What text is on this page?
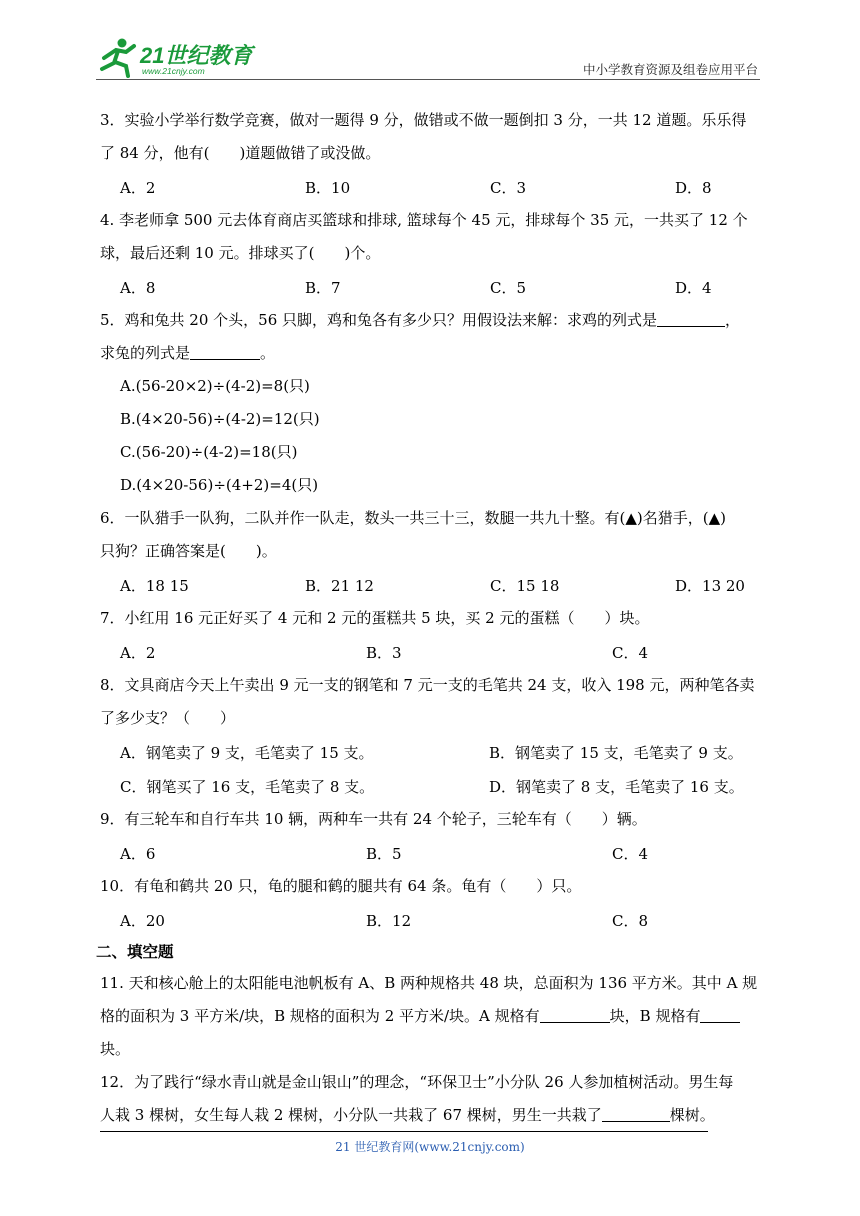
21世纪教育
www.21cnjy.com	中小学教育资源及组卷应用平台
3．实验小学举行数学竞赛，做对一题得 9 分，做错或不做一题倒扣 3 分，一共 12 道题。乐乐得
了 84 分，他有(　　)道题做错了或没做。
A．2	B．10	C．3	D．8
4. 李老师拿 500 元去体育商店买篮球和排球, 篮球每个 45 元，排球每个 35 元，一共买了 12 个
球，最后还剩 10 元。排球买了(　　)个。
A．8	B．7	C．5	D．4
5．鸡和兔共 20 个头，56 只脚，鸡和兔各有多少只？用假设法来解：求鸡的列式是	，
求兔的列式是	。
A.(56-20×2)÷(4-2)=8(只)
B.(4×20-56)÷(4-2)=12(只)
C.(56-20)÷(4-2)=18(只)
D.(4×20-56)÷(4+2)=4(只)
6．一队猎手一队狗，二队并作一队走，数头一共三十三，数腿一共九十整。有(▲)名猎手，(▲)
只狗？正确答案是(　　)。
A．18 15	B．21 12	C．15 18	D．13 20
7．小红用 16 元正好买了 4 元和 2 元的蛋糕共 5 块，买 2 元的蛋糕（　　）块。
A．2	B．3	C．4
8．文具商店今天上午卖出 9 元一支的钢笔和 7 元一支的毛笔共 24 支，收入 198 元，两种笔各卖
了多少支？（　　）
A．钢笔卖了 9 支，毛笔卖了 15 支。	B．钢笔卖了 15 支，毛笔卖了 9 支。
C．钢笔买了 16 支，毛笔卖了 8 支。	D．钢笔卖了 8 支，毛笔卖了 16 支。
9．有三轮车和自行车共 10 辆，两种车一共有 24 个轮子，三轮车有（　　）辆。
A．6	B．5	C．4
10．有龟和鹤共 20 只，龟的腿和鹤的腿共有 64 条。龟有（　　）只。
A．20	B．12	C．8
二、填空题
11. 天和核心舱上的太阳能电池帆板有 A、B 两种规格共 48 块，总面积为 136 平方米。其中 A 规
格的面积为 3 平方米/块，B 规格的面积为 2 平方米/块。A 规格有	块，B 规格有
块。
12．为了践行“绿水青山就是金山银山”的理念，“环保卫士”小分队 26 人参加植树活动。男生每
人栽 3 棵树，女生每人栽 2 棵树，小分队一共栽了 67 棵树，男生一共栽了	棵树。
21 世纪教育网(www.21cnjy.com)
